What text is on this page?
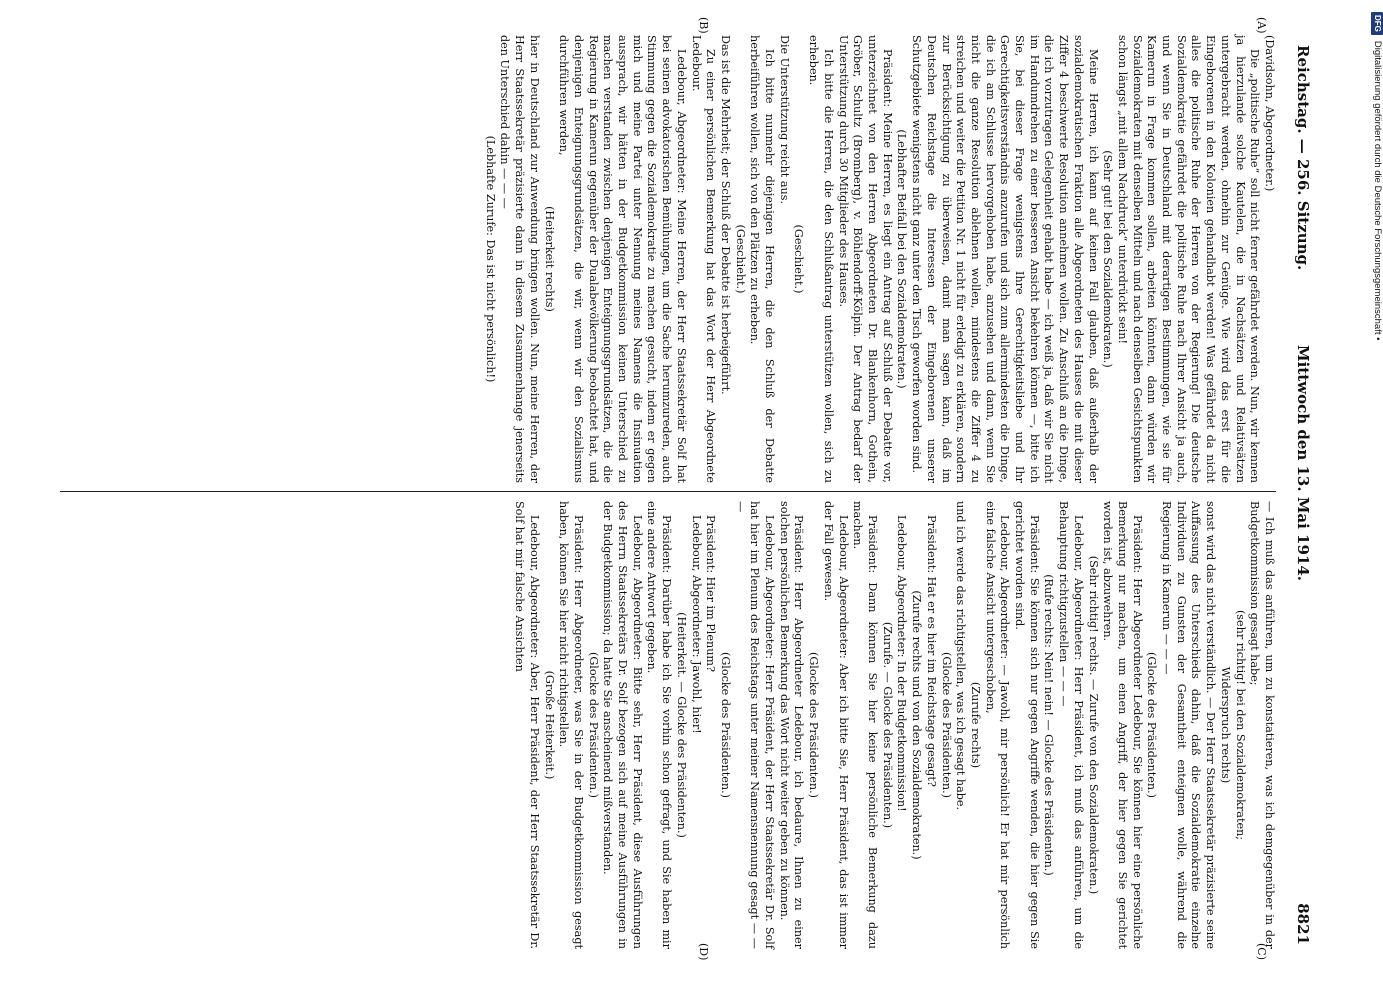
Reichstag. — 256. Sitzung.
Mittwoch den 13. Mai 1914.
8821
(A)
(B)
(C)
(D)

(Davidsohn, Abgeordneter.)

Die „politische Ruhe“ soll nicht ferner gefährdet werden. Nun, wir kennen ja hierzulande solche Kautelen, die in Nachsätzen und Relativsätzen untergebracht werden, ohnehin zur Genüge. Wie wird das erst für die Eingeborenen in den Kolonien gehandhabt werden! Was gefährdet da nicht alles die politische Ruhe der Herren von der Regierung! Die deutsche Sozialdemokratie gefährdet die politische Ruhe nach Ihrer Ansicht ja auch, und wenn Sie in Deutschland mit derartigen Bestimmungen, wie sie für Kamerun in Frage kommen sollen, arbeiten könnten, dann würden wir Sozialdemokraten mit denselben Mitteln und nach denselben Gesichtspunkten schon längst „mit allem Nachdruck“ unterdrückt sein!

(Sehr gut! bei den Sozialdemokraten.)

Meine Herren, ich kann auf keinen Fall glauben, daß außerhalb der sozialdemokratischen Fraktion alle Abgeordneten des Hauses die mit dieser Ziffer 4 beschwerte Resolution annehmen wollen. Zu Anschluß an die Dinge, die ich vorzutragen Gelegenheit gehabt habe — ich weiß ja, daß wir Sie nicht im Handumdrehen zu einer besseren Ansicht bekehren können —, bitte ich Sie, bei dieser Frage wenigstens Ihre Gerechtigkeitsliebe und Ihr Gerechtigkeitsverständnis anzurufen und sich zum allermindesten die Dinge, die ich am Schlusse hervorgehoben habe, anzusehen und dann, wenn Sie nicht die ganze Resolution ablehnen wollen, mindestens die Ziffer 4 zu streichen und weiter die Petition Nr. 1 nicht für erledigt zu erklären, sondern zur Berücksichtigung zu überweisen, damit man sagen kann, daß im Deutschen Reichstage die Interessen der Eingeborenen unserer Schutzgebiete wenigstens nicht ganz unter den Tisch geworfen worden sind.

(Lebhafter Beifall bei den Sozialdemokraten.)

Präsident: Meine Herren, es liegt ein Antrag auf Schluß der Debatte vor, unterzeichnet von den Herren Abgeordneten Dr. Blankenhorn, Gothein, Gröber, Schultz (Bromberg), v. Böhlendorff-Kölpin. Der Antrag bedarf der Unterstützung durch 30 Mitglieder des Hauses.

Ich bitte die Herren, die den Schlußantrag unterstützen wollen, sich zu erheben.

(Geschieht.)

Die Unterstützung reicht aus.

Ich bitte nunmehr diejenigen Herren, die den Schluß der Debatte herbeiführen wollen, sich von den Plätzen zu erheben.

(Geschieht.)

Das ist die Mehrheit; der Schluß der Debatte ist herbeigeführt.

Zu einer persönlichen Bemerkung hat das Wort der Herr Abgeordnete Ledebour.

Ledebour, Abgeordneter: Meine Herren, der Herr Staatssekretär Solf hat bei seinen advokatorischen Bemühungen, um die Sache herumzureden, auch Stimmung gegen die Sozialdemokratie zu machen gesucht, indem er gegen mich und meine Partei unter Nennung meines Namens die Insinuation aussprach, wir hätten in der Budgetkommission keinen Unterschied zu machen verstanden zwischen denjenigen Enteignungsgrundsätzen, die die Regierung in Kamerun gegenüber der Dualabevölkerung beobachtet hat, und denjenigen Enteignungsgrundsätzen, die wir, wenn wir den Sozialismus durchführen werden,

(Heiterkeit rechts)

hier in Deutschland zur Anwendung bringen wollen. Nun, meine Herren, der Herr Staatssekretär präzisierte dann in diesem Zusammenhange jenerseits den Unterschied dahin — — —

(Lebhafte Zurufe: Das ist nicht persönlich!)

— Ich muß das anführen, um zu konstatieren, was ich demgegenüber in der Budgetkommission gesagt habe;

(sehr richtig! bei den Sozialdemokraten;

Widerspruch rechts)

sonst wird das nicht verständlich. — Der Herr Staatssekretär präzisierte seine Auffassung des Unterschieds dahin, daß die Sozialdemokratie einzelne Individuen zu Gunsten der Gesamtheit enteignen wolle, während die Regierung in Kamerun — — —

(Glocke des Präsidenten.)

Präsident: Herr Abgeordneter Ledebour, Sie können hier eine persönliche Bemerkung nur machen, um einen Angriff, der hier gegen Sie gerichtet worden ist, abzuwehren.

(Sehr richtig! rechts. — Zurufe von den Sozialdemokraten.)

Ledebour, Abgeordneter: Herr Präsident, ich muß das anführen, um die Behauptung richtigzustellen — — —

(Rufe rechts: Nein! nein! — Glocke des Präsidenten.)

Präsident: Sie können sich nur gegen Angriffe wenden, die hier gegen Sie gerichtet worden sind.

Ledebour, Abgeordneter: — Jawohl, mir persönlich! Er hat mir persönlich eine falsche Ansicht untergeschoben,

(Zurufe rechts)

und ich werde das richtigstellen, was ich gesagt habe.

(Glocke des Präsidenten.)

Präsident: Hat er es hier im Reichstage gesagt?

(Zurufe rechts und von den Sozialdemokraten.)

Ledebour, Abgeordneter: In der Budgetkommission!

(Zurufe. — Glocke des Präsidenten.)

Präsident: Dann können Sie hier keine persönliche Bemerkung dazu machen.

Ledebour, Abgeordneter: Aber ich bitte Sie, Herr Präsident, das ist immer der Fall gewesen.

(Glocke des Präsidenten.)

Präsident: Herr Abgeordneter Ledebour, ich bedaure, Ihnen zu einer solchen persönlichen Bemerkung das Wort nicht weiter geben zu können.

Ledebour, Abgeordneter: Herr Präsident, der Herr Staatssekretär Dr. Solf hat hier im Plenum des Reichstags unter meiner Namensnennung gesagt — — —

(Glocke des Präsidenten.)

Präsident: Hier im Plenum?

Ledebour, Abgeordneter: Jawohl, hier!

(Heiterkeit. — Glocke des Präsidenten.)

Präsident: Darüber habe ich Sie vorhin schon gefragt, und Sie haben mir eine andere Antwort gegeben.

Ledebour, Abgeordneter: Bitte sehr, Herr Präsident, diese Ausführungen des Herrn Staatssekretärs Dr. Solf bezogen sich auf meine Ausführungen in der Budgetkommission; da hatte Sie anscheinend mißverstanden.

(Glocke des Präsidenten.)

Präsident: Herr Abgeordneter, was Sie in der Budgetkommission gesagt haben, können Sie hier nicht richtigstellen.

(Große Heiterkeit.)

Ledebour, Abgeordneter: Aber, Herr Präsident, der Herr Staatssekretär Dr. Solf hat mir falsche Ansichten

DFGDigitalisierung gefördert durch die Deutsche Forschungsgemeinschaft •
